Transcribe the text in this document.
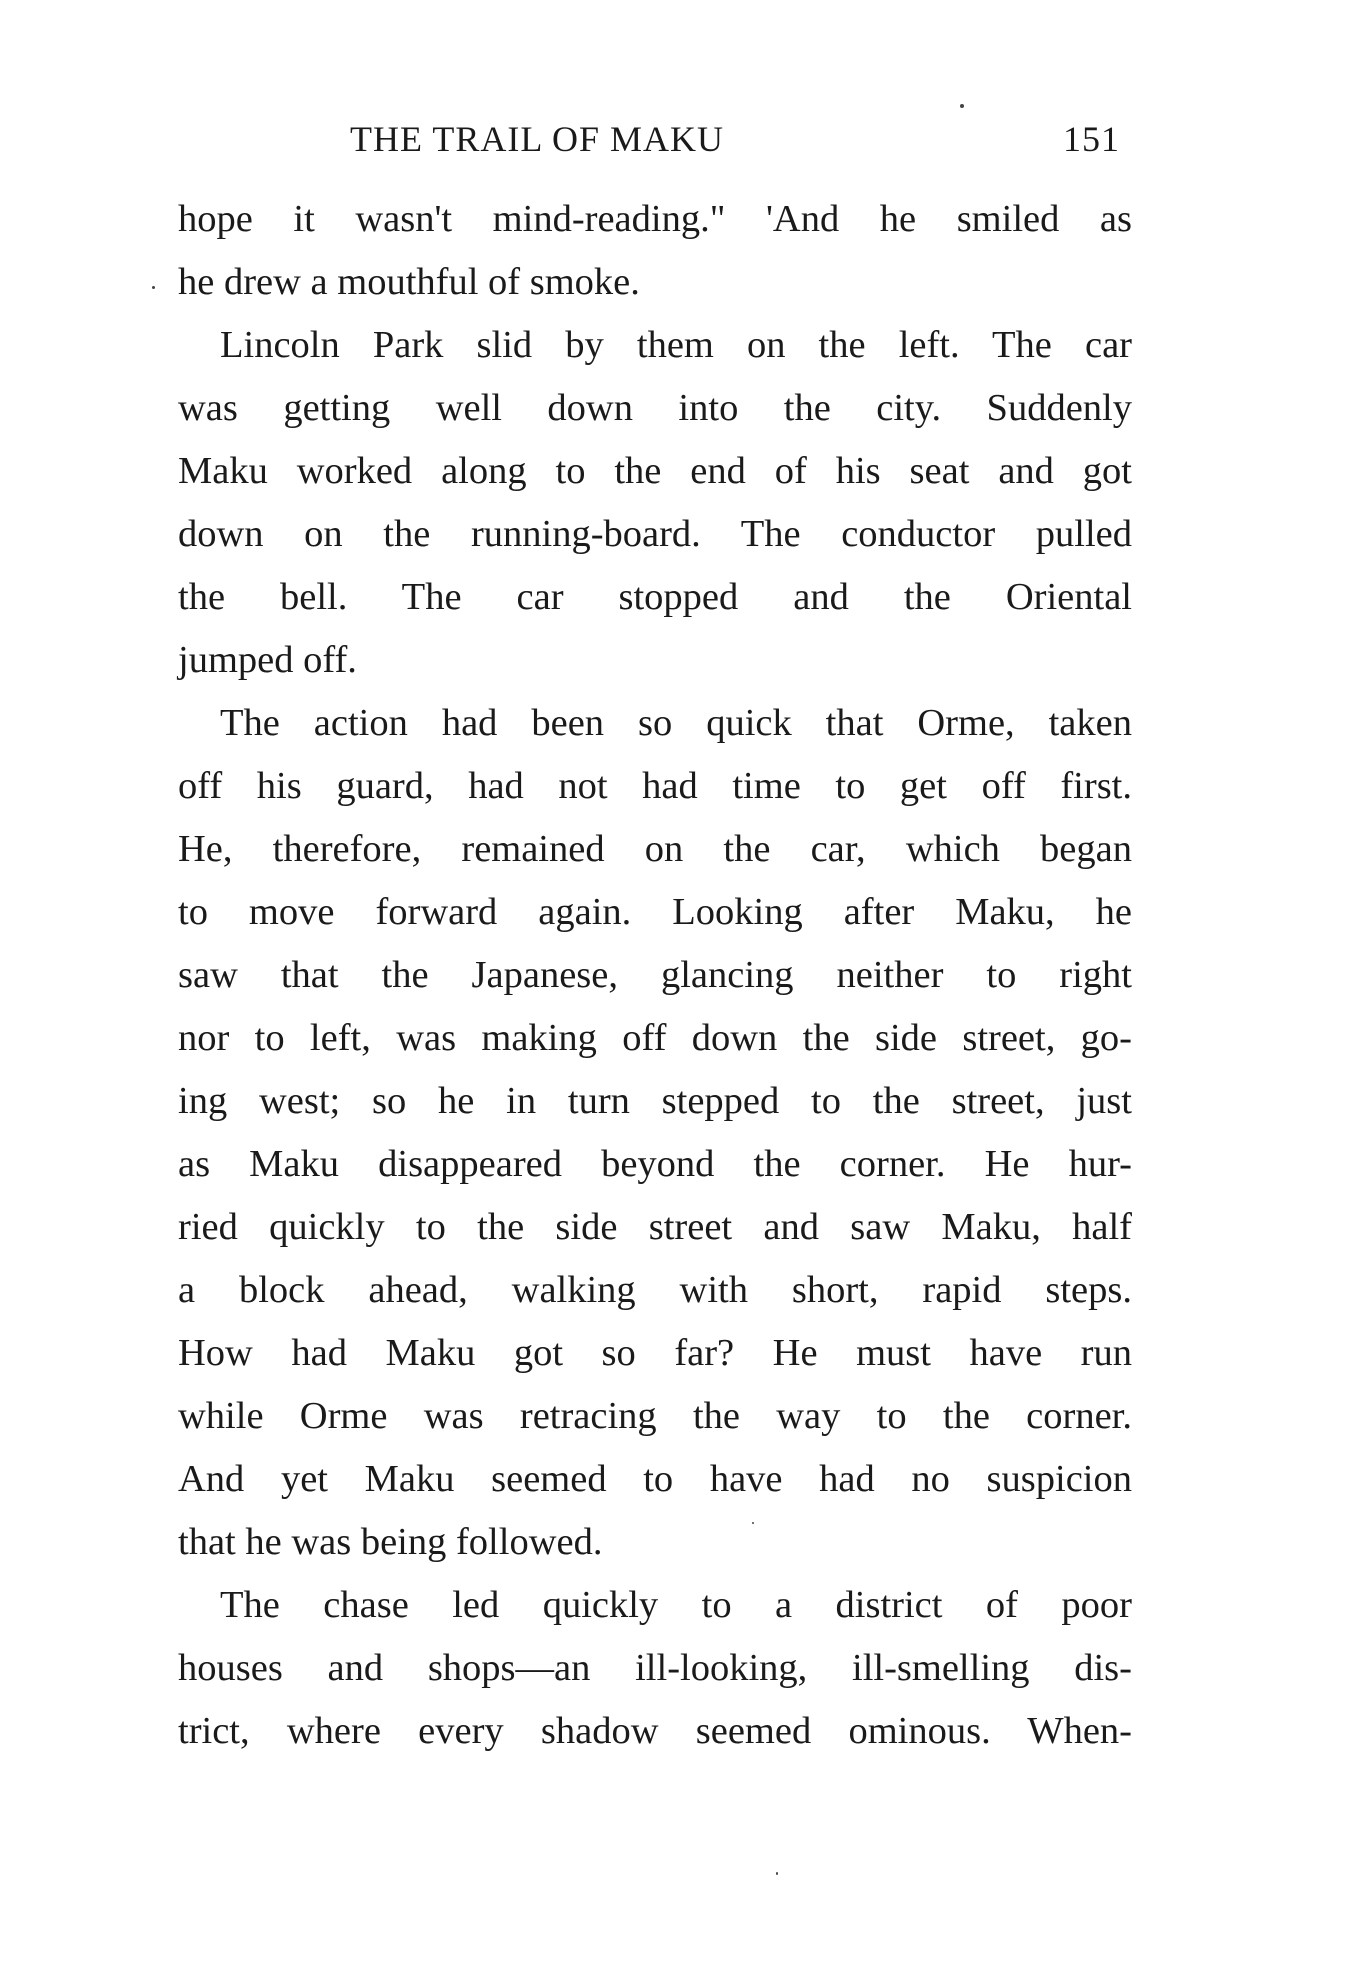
THE TRAIL OF MAKU	151
hope it wasn't mind-reading." 'And he smiled as
he drew a mouthful of smoke.
Lincoln Park slid by them on the left. The car
was getting well down into the city. Suddenly
Maku worked along to the end of his seat and got
down on the running-board. The conductor pulled
the bell. The car stopped and the Oriental
jumped off.
The action had been so quick that Orme, taken
off his guard, had not had time to get off first.
He, therefore, remained on the car, which began
to move forward again. Looking after Maku, he
saw that the Japanese, glancing neither to right
nor to left, was making off down the side street, go-
ing west; so he in turn stepped to the street, just
as Maku disappeared beyond the corner. He hur-
ried quickly to the side street and saw Maku, half
a block ahead, walking with short, rapid steps.
How had Maku got so far? He must have run
while Orme was retracing the way to the corner.
And yet Maku seemed to have had no suspicion
that he was being followed.
The chase led quickly to a district of poor
houses and shops—an ill-looking, ill-smelling dis-
trict, where every shadow seemed ominous. When-
